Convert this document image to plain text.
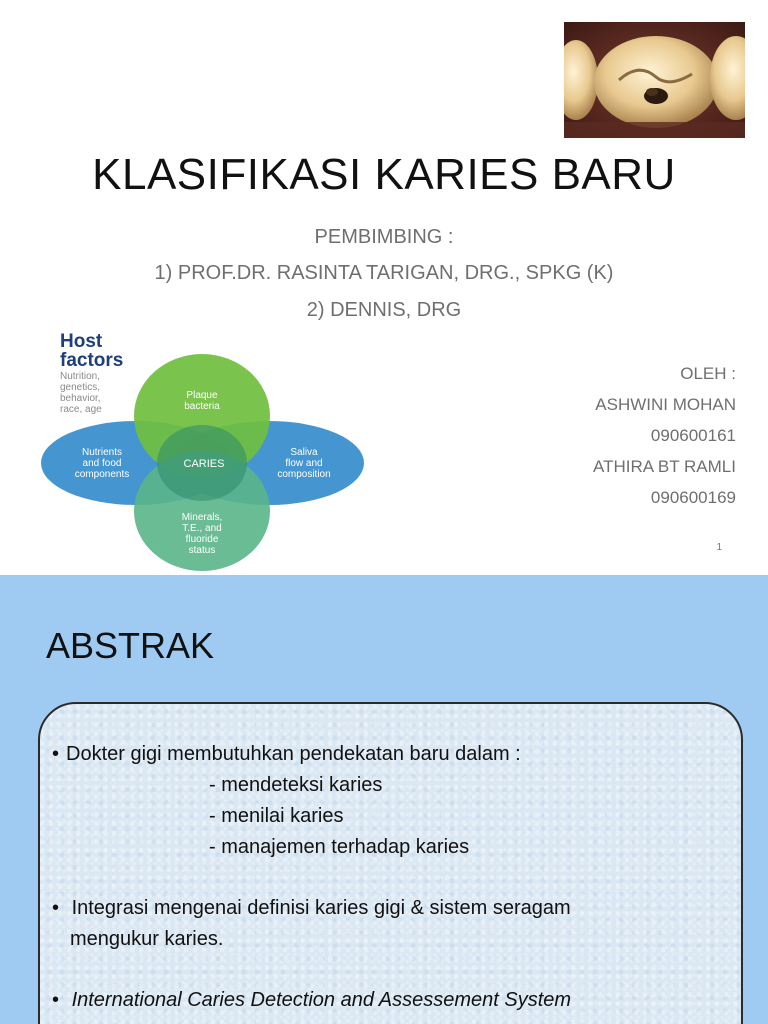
KLASIFIKASI KARIES BARU
PEMBIMBING :
1) PROF.DR. RASINTA TARIGAN, DRG., SPKG (K)
2) DENNIS, DRG
Host
factors
Nutrition,
genetics,
behavior,
race, age
Plaque
bacteria
Nutrients
and food
components
Saliva
flow and
composition
Minerals,
T.E., and
fluoride
status
CARIES
OLEH :
ASHWINI MOHAN
090600161
ATHIRA BT RAMLI
090600169
1
ABSTRAK
• Dokter gigi membutuhkan pendekatan baru dalam :
- mendeteksi karies
- menilai karies
- manajemen terhadap karies
• Integrasi mengenai definisi karies gigi & sistem seragam
mengukur karies.
• International Caries Detection and Assessement System
